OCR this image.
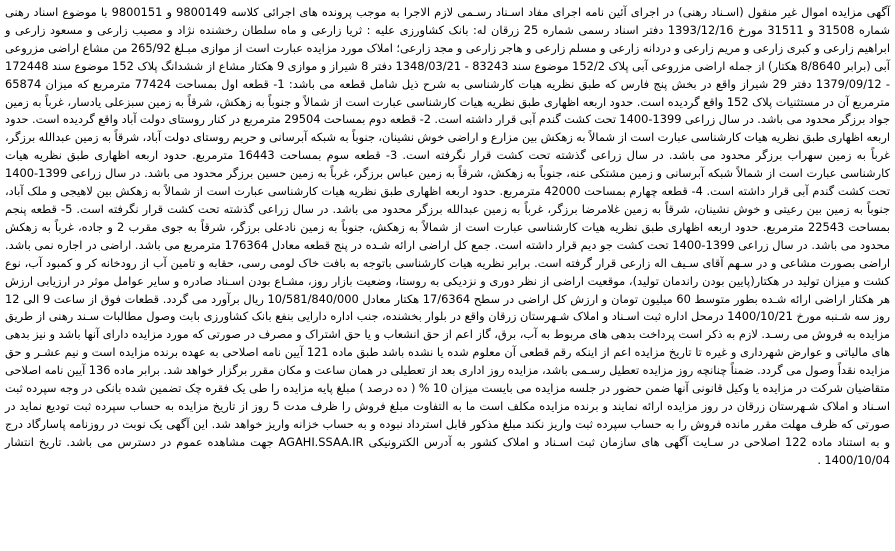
آگهی مزایده اموال غیر منقول (اسـناد رهنی) در اجرای آئین نامه اجرای مفاد اسـناد رسـمی لازم الاجرا به موجب پرونده های اجرائی کلاسه 9800149 و 9800151 با موضوع اسناد رهنی شماره 31508 و 31511 مورخ 1393/12/16 دفتر اسناد رسمی شماره 25 زرقان له: بانک کشاورزی علیه : ثریا زارعی و ماه سلطان رخشنده نژاد و مصیب زارعی و مسعود زارعی و ابراهیم زارعی و کبری زارعی و مریم زارعی و دردانه زارعی و مسلم زارعی و هاجر زارعی و مجد زارعی؛ املاک مورد مزایده عبارت است از موازی مبـلغ 265/92 من مشاع اراضی مزروعی آبی (برابر 8/8640 هکتار) از جمله اراضی مزروعی آبی پلاک 152/2 موضوع سند 83243 - 1348/03/21 دفتر 8 شیراز و موازی 9 هکتار مشاع از ششدانگ پلاک 152 موضوع سند 172448 - 1379/09/12 دفتر 29 شیراز واقع در بخش پنج فارس که طبق نظریه هیات کارشناسی به شرح ذیل شامل قطعه می باشد: 1- قطعه اول بمساحت 77424 مترمربع که میزان 65874 مترمربع آن در مستثنیات پلاک 152 واقع گردیده است. حدود اربعه اظهاری طبق نظریه هیات کارشناسی عبارت است از شمالاً و جنوباً به زهکش، شرقاً به زمین سبزعلی یادسار، غرباً به زمین جواد برزگر محدود می باشد. در سال زراعی 1399-1400 تحت کشت گندم آبی قرار داشته است. 2- قطعه دوم بمساحت 29504 مترمربع در کنار روستای دولت آباد واقع گردیده است. حدود اربعه اظهاری طبق نظریه هیات کارشناسی عبارت است از شمالاً به زهکش بین مزارع و اراضی خوش نشینان، جنوباً به شبکه آبرسانی و حریم روستای دولت آباد، شرقاً به زمین عبدالله برزگر، غرباً به زمین سهراب برزگر محدود می باشد. در سال زراعی گذشته تحت کشت قرار نگرفته است. 3- قطعه سوم بمساحت 16443 مترمربع. حدود اربعه اظهاری طبق نظریه هیات کارشناسی عبارت است از شمالاً شبکه آبرسانی و زمین مشتکی عنه، جنوباً به زهکش، شرقاً به زمین عباس برزگر، غرباً به زمین حسین برزگر محدود می باشد. در سال زراعی 1399-1400 تحت کشت گندم آبی قرار داشته است. 4- قطعه چهارم بمساحت 42000 مترمربع. حدود اربعه اظهاری طبق نظریه هیات کارشناسی عبارت است از شمالاً به زهکش بین لاهیجی و ملک آباد، جنوباً به زمین بین رعیتی و خوش نشینان، شرقاً به زمین غلامرضا برزگر، غرباً به زمین عبدالله برزگر محدود می باشد. در سال زراعی گذشته تحت کشت قرار نگرفته است. 5- قطعه پنجم بمساحت 22543 مترمربع. حدود اربعه اظهاری طبق نظریه هیات کارشناسی عبارت است از شمالاً به زهکش، جنوباً به زمین نادعلی برزگر، شرقاً به جوی مقرب 2 و جاده، غرباً به زهکش محدود می باشد. در سال زراعی 1399-1400 تحت کشت جو دیم قرار داشته است. جمع کل اراضی ارائه شـده در پنج قطعه معادل 176364 مترمربع می باشد. اراضی در اجاره نمی باشد. اراضی بصورت مشاعی و در سـهم آقای سـیف اله زارعی قرار گرفته است. برابر نظریه هیات کارشناسی باتوجه به بافت خاک لومی رسی، حقابه و تامین آب از رودخانه کر و کمبود آب، نوع کشت و میزان تولید در هکتار(پایین بودن راندمان تولید)، موقعیت اراضی از نظر دوری و نزدیکی به روستا، وضعیت بازار روز، مشـاع بودن اسـناد صادره و سایر عوامل موثر در ارزیابی ارزش هر هکتار اراضی ارائه شـده بطور متوسط 60 میلیون تومان و ارزش کل اراضی در سطح 17/6364 هکتار معادل 10/581/840/000 ریال برآورد می گردد. قطعات فوق از ساعت 9 الی 12 روز سه شـنبه مورخ 1400/10/21 درمحل اداره ثبت اسـناد و املاک شـهرستان زرقان واقع در بلوار بخشنده، جنب اداره دارایی بنفع بانک کشاورزی بابت وصول مطالبات سـند رهنی از طریق مزایده به فروش می رسـد. لازم به ذکر است پرداخت بدهی های مربوط به آب، برق، گاز اعم از حق انشعاب و یا حق اشتراک و مصرف در صورتی که مورد مزایده دارای آنها باشد و نیز بدهی های مالیاتی و عوارض شهرداری و غیره تا تاریخ مزایده اعم از اینکه رقم قطعی آن معلوم شده یا نشده باشد طبق ماده 121 آیین نامه اصلاحی به عهده برنده مزایده است و نیم عشـر و حق مزایده نقداً وصول می گردد. ضمناً چنانچه روز مزایده تعطیل رسـمی باشد، مزایده روز اداری بعد از تعطیلی در همان ساعت و مکان مقرر برگزار خواهد شد. برابر ماده 136 آیین نامه اصلاحی متقاضیان شرکت در مزایده یا وکیل قانونی آنها ضمن حضور در جلسه مزایده می بایست میزان 10 % ( ده درصد ) مبلغ پایه مزایده را طی یک فقره چک تضمین شده بانکی در وجه سپرده ثبت اسـناد و املاک شـهرستان زرقان در روز مزایده ارائه نمایند و برنده مزایده مکلف است ما به التفاوت مبلغ فروش را ظرف مدت 5 روز از تاریخ مزایده به حساب سپرده ثبت تودیع نماید در صورتی که ظرف مهلت مقرر مانده فروش را به حساب سپرده ثبت واریز نکند مبلغ مذکور قابل استرداد نبوده و به حساب خزانه واریز خواهد شد. این آگهی یک نوبت در روزنامه پاسارگاد درج و به استناد ماده 122 اصلاحی در سـایت آگهی های سازمان ثبت اسـناد و املاک کشور به آدرس الکترونیکی AGAHI.SSAA.IR جهت مشاهده عموم در دسترس می باشد. تاریخ انتشار 1400/10/04 .
